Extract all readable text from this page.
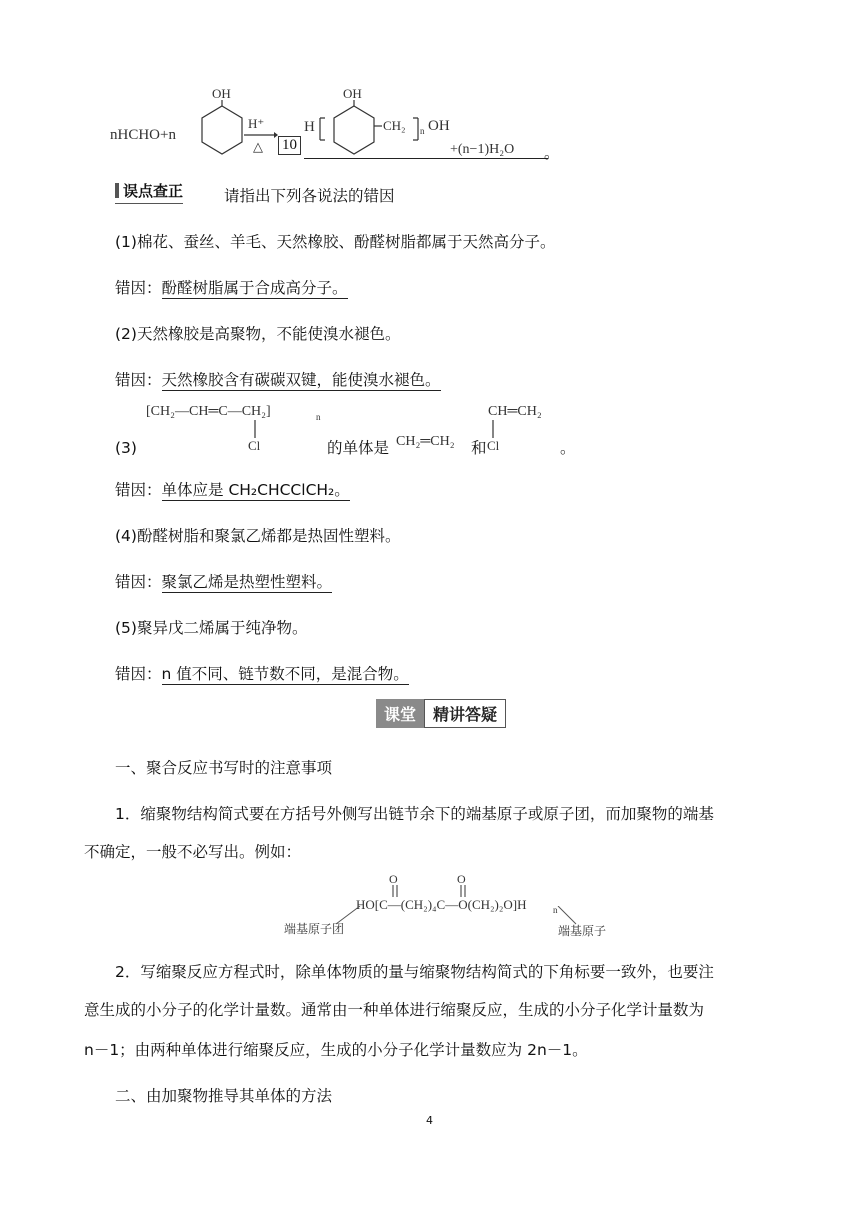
nHCHO+n
OH
H⁺
△ 10
H
OH
CH₂ n OH
+(n−1)H₂O 。
误点查正	请指出下列各说法的错因
(1)棉花、蚕丝、羊毛、天然橡胶、酚醛树脂都属于天然高分子。
错因：酚醛树脂属于合成高分子。
(2)天然橡胶是高聚物，不能使溴水褪色。
错因：天然橡胶含有碳碳双键，能使溴水褪色。
[CH₂—CH═C—CH₂]	n
Cl
(3)	的单体是 CH₂═CH₂ 和
CH═CH₂
Cl	。
错因：单体应是 CH₂CHCClCH₂。
(4)酚醛树脂和聚氯乙烯都是热固性塑料。
错因：聚氯乙烯是热塑性塑料。
(5)聚异戊二烯属于纯净物。
错因：n 值不同、链节数不同，是混合物。
课堂 精讲答疑
一、聚合反应书写时的注意事项
1．缩聚物结构简式要在方括号外侧写出链节余下的端基原子或原子团，而加聚物的端基
不确定，一般不必写出。例如：
O	O
HO[C—(CH₂)₄C—O(CH₂)₂O]H	n
端基原子团	端基原子
2．写缩聚反应方程式时，除单体物质的量与缩聚物结构简式的下角标要一致外，也要注
意生成的小分子的化学计量数。通常由一种单体进行缩聚反应，生成的小分子化学计量数为
n－1；由两种单体进行缩聚反应，生成的小分子化学计量数应为 2n－1。
二、由加聚物推导其单体的方法
4
